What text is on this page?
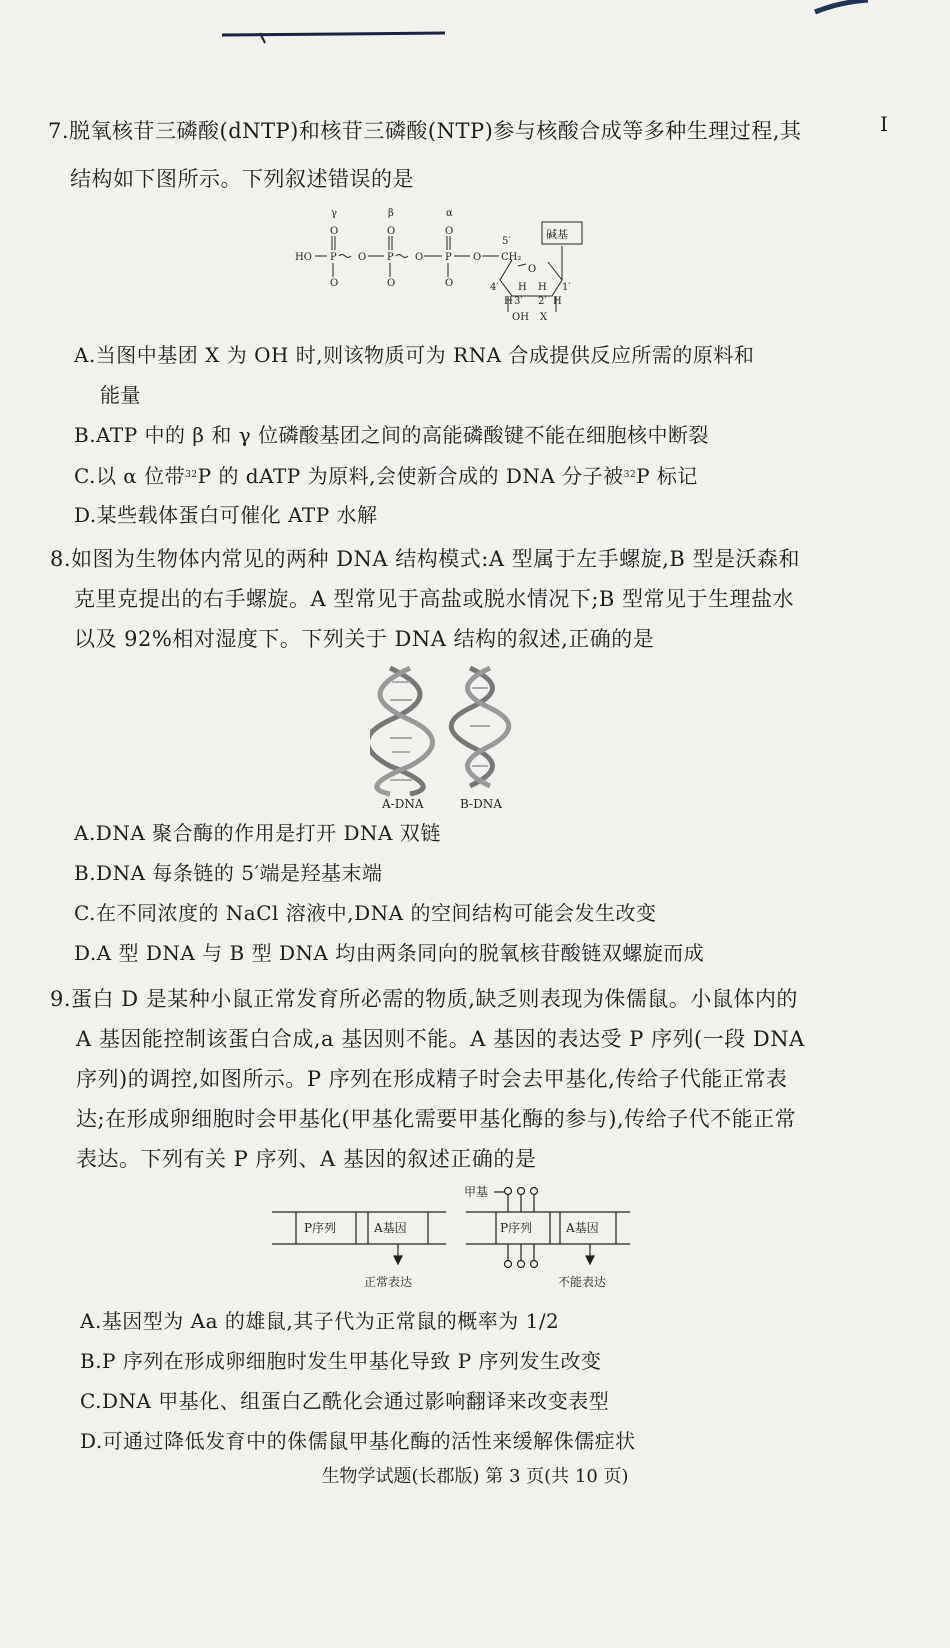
I
7.脱氧核苷三磷酸(dNTP)和核苷三磷酸(NTP)参与核酸合成等多种生理过程,其
结构如下图所示。下列叙述错误的是
γ	β	α
O	O	O
HO P O P O P O CH₂
O	O	O
5′
O
4′	1′
H H
H	H
3′ 2′
OH X
碱基
A.当图中基团 X 为 OH 时,则该物质可为 RNA 合成提供反应所需的原料和
能量
B.ATP 中的 β 和 γ 位磷酸基团之间的高能磷酸键不能在细胞核中断裂
C.以 α 位带$^{32}$P 的 dATP 为原料,会使新合成的 DNA 分子被$^{32}$P 标记
D.某些载体蛋白可催化 ATP 水解
8.如图为生物体内常见的两种 DNA 结构模式:A 型属于左手螺旋,B 型是沃森和
克里克提出的右手螺旋。A 型常见于高盐或脱水情况下;B 型常见于生理盐水
以及 92%相对湿度下。下列关于 DNA 结构的叙述,正确的是
A-DNA	B-DNA
A.DNA 聚合酶的作用是打开 DNA 双链
B.DNA 每条链的 5′端是羟基末端
C.在不同浓度的 NaCl 溶液中,DNA 的空间结构可能会发生改变
D.A 型 DNA 与 B 型 DNA 均由两条同向的脱氧核苷酸链双螺旋而成
9.蛋白 D 是某种小鼠正常发育所必需的物质,缺乏则表现为侏儒鼠。小鼠体内的
A 基因能控制该蛋白合成,a 基因则不能。A 基因的表达受 P 序列(一段 DNA
序列)的调控,如图所示。P 序列在形成精子时会去甲基化,传给子代能正常表
达;在形成卵细胞时会甲基化(甲基化需要甲基化酶的参与),传给子代不能正常
表达。下列有关 P 序列、A 基因的叙述正确的是
甲基
P序列	A基因	P序列	A基因
正常表达	不能表达
A.基因型为 Aa 的雄鼠,其子代为正常鼠的概率为 1/2
B.P 序列在形成卵细胞时发生甲基化导致 P 序列发生改变
C.DNA 甲基化、组蛋白乙酰化会通过影响翻译来改变表型
D.可通过降低发育中的侏儒鼠甲基化酶的活性来缓解侏儒症状
生物学试题(长郡版) 第 3 页(共 10 页)
